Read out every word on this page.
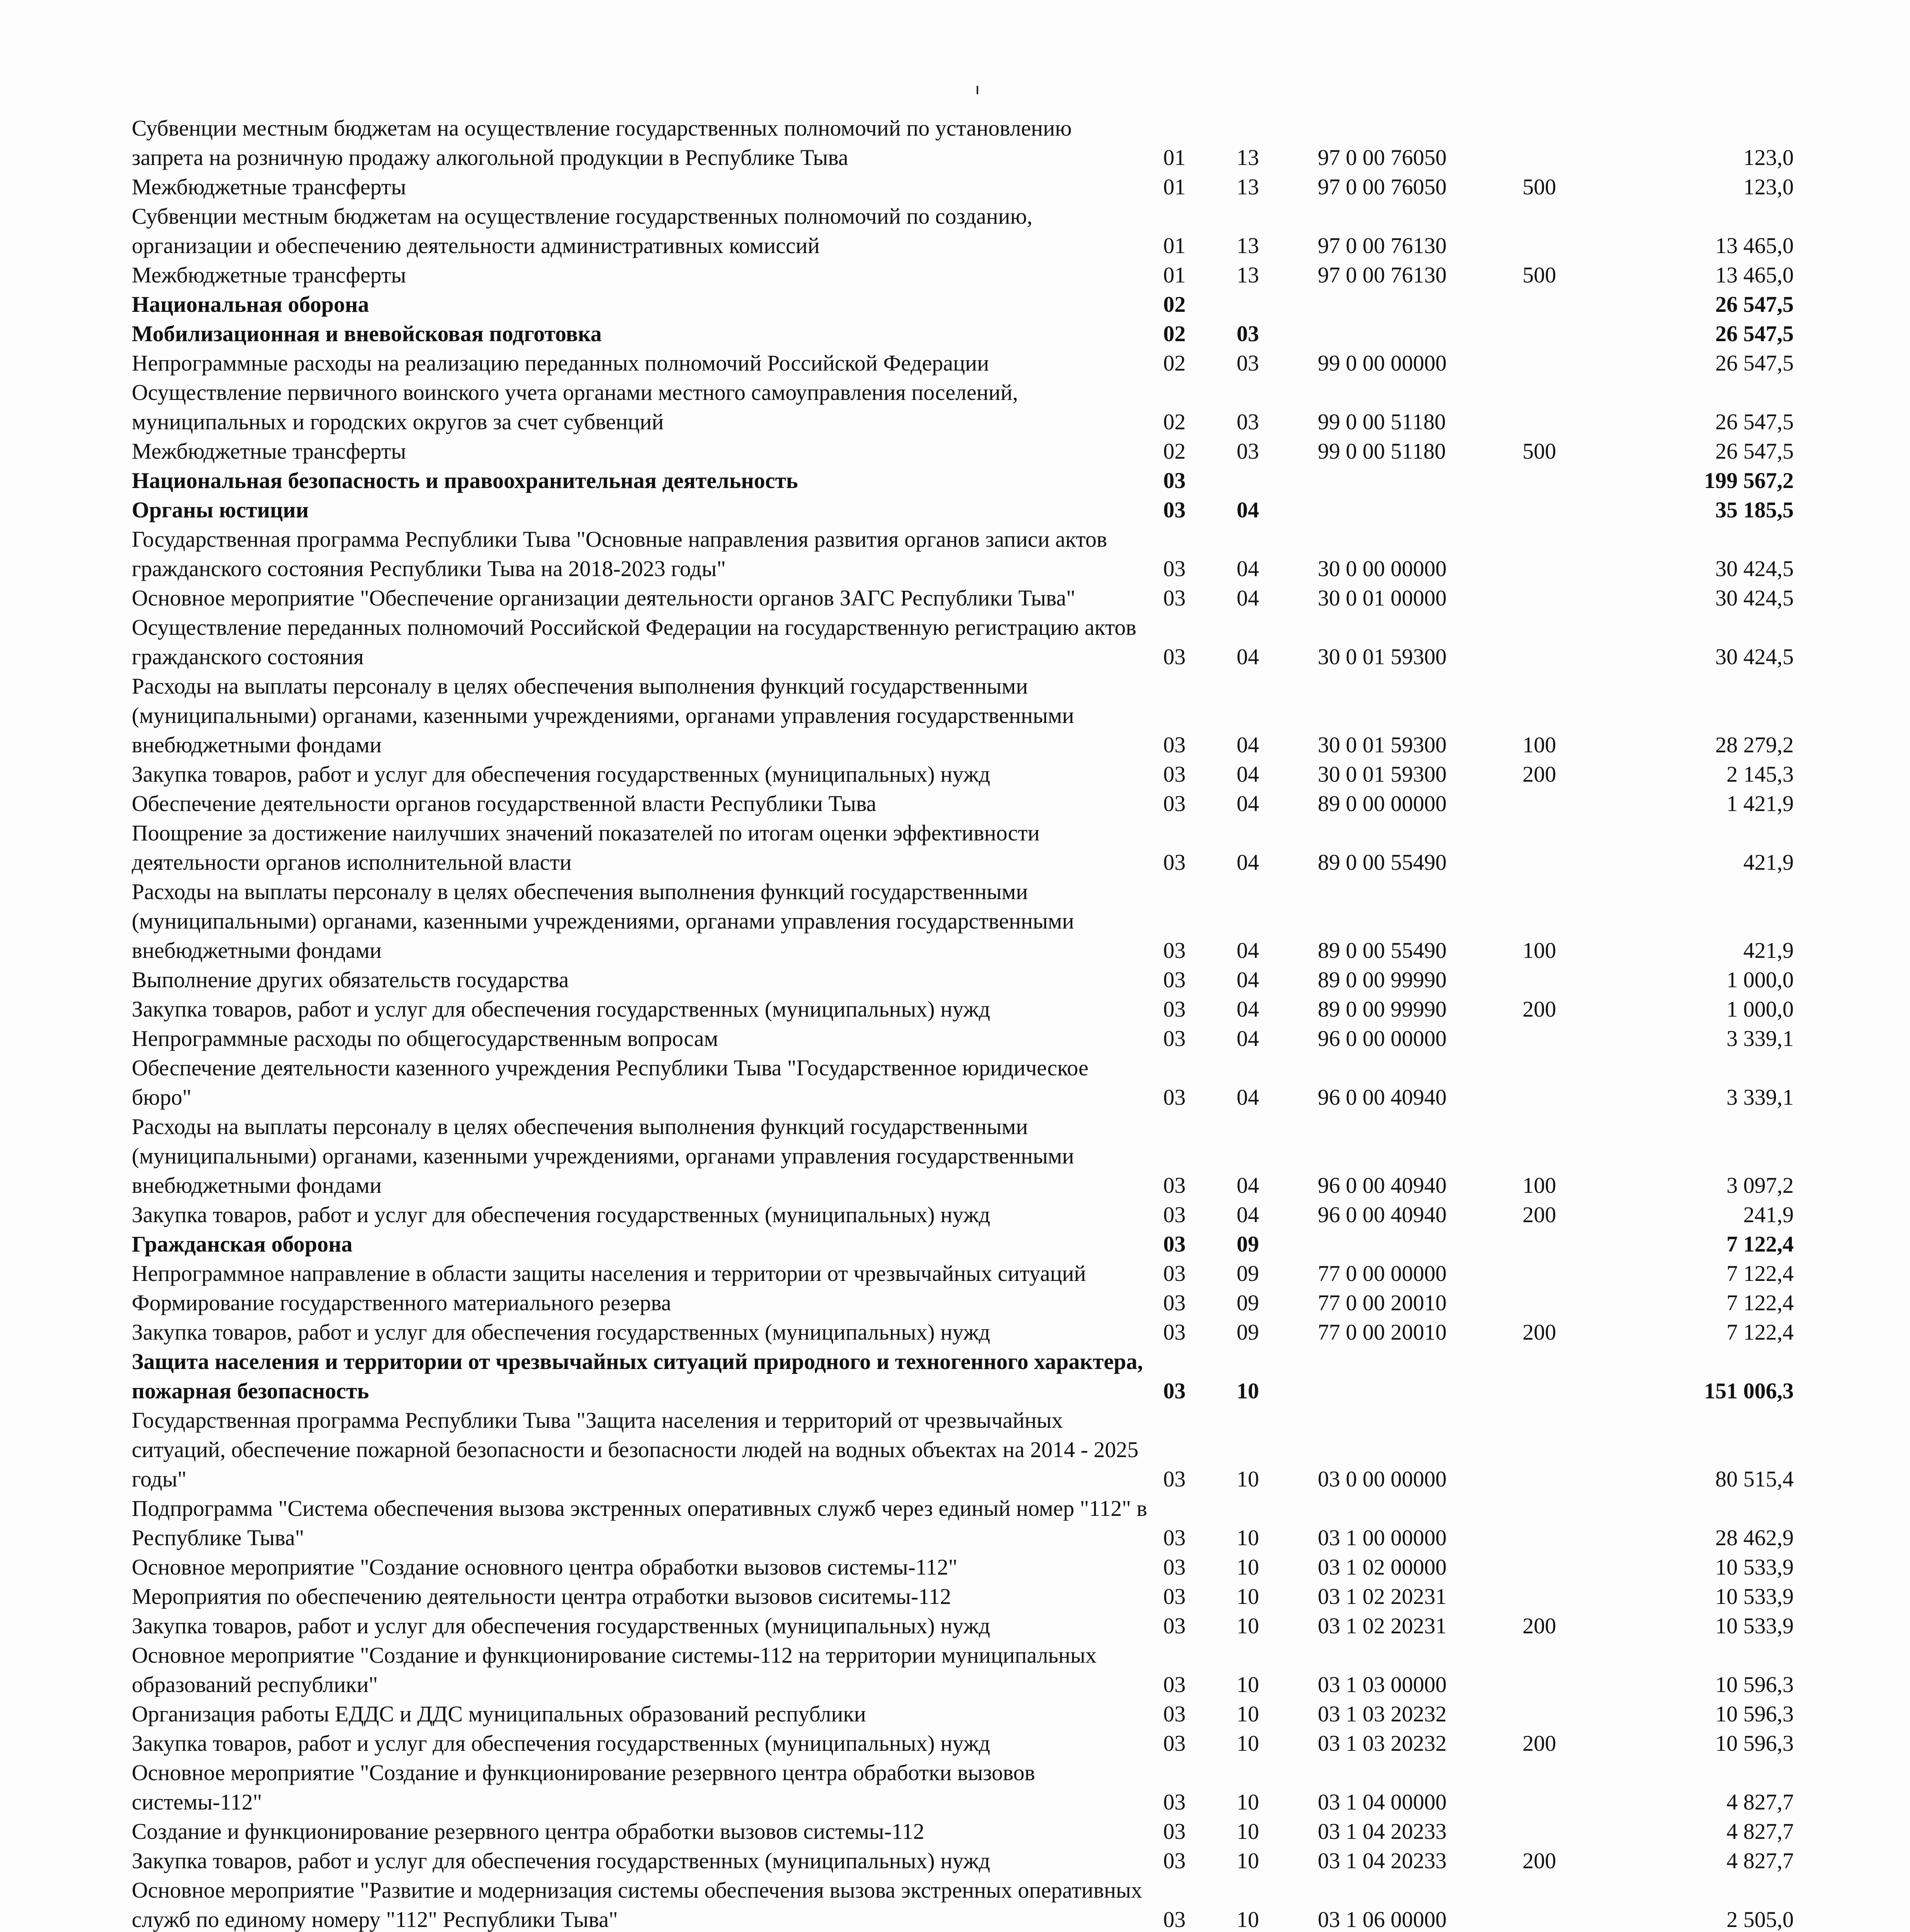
Субвенции местным бюджетам на осуществление государственных полномочий по установлению запрета на розничную продажу алкогольной продукции в Республике Тыва	01	13	97 0 00 76050		123,0
Межбюджетные трансферты	01	13	97 0 00 76050	500	123,0
Субвенции местным бюджетам на осуществление государственных полномочий по созданию, организации и обеспечению деятельности административных комиссий	01	13	97 0 00 76130		13 465,0
Межбюджетные трансферты	01	13	97 0 00 76130	500	13 465,0
Национальная оборона	02				26 547,5
Мобилизационная и вневойсковая подготовка	02	03			26 547,5
Непрограммные расходы на реализацию переданных полномочий Российской Федерации	02	03	99 0 00 00000		26 547,5
Осуществление первичного воинского учета органами местного самоуправления поселений, муниципальных и городских округов за счет субвенций	02	03	99 0 00 51180		26 547,5
Межбюджетные трансферты	02	03	99 0 00 51180	500	26 547,5
Национальная безопасность и правоохранительная деятельность	03				199 567,2
Органы юстиции	03	04			35 185,5
Государственная программа Республики Тыва "Основные направления развития органов записи актов гражданского состояния Республики Тыва на 2018-2023 годы"	03	04	30 0 00 00000		30 424,5
Основное мероприятие "Обеспечение организации деятельности органов ЗАГС Республики Тыва"	03	04	30 0 01 00000		30 424,5
Осуществление переданных полномочий Российской Федерации на государственную регистрацию актов гражданского состояния	03	04	30 0 01 59300		30 424,5
Расходы на выплаты персоналу в целях обеспечения выполнения функций государственными (муниципальными) органами, казенными учреждениями, органами управления государственными внебюджетными фондами	03	04	30 0 01 59300	100	28 279,2
Закупка товаров, работ и услуг для обеспечения государственных (муниципальных) нужд	03	04	30 0 01 59300	200	2 145,3
Обеспечение деятельности органов государственной власти Республики Тыва	03	04	89 0 00 00000		1 421,9
Поощрение за достижение наилучших значений показателей по итогам оценки эффективности деятельности органов исполнительной власти	03	04	89 0 00 55490		421,9
Расходы на выплаты персоналу в целях обеспечения выполнения функций государственными (муниципальными) органами, казенными учреждениями, органами управления государственными внебюджетными фондами	03	04	89 0 00 55490	100	421,9
Выполнение других обязательств государства	03	04	89 0 00 99990		1 000,0
Закупка товаров, работ и услуг для обеспечения государственных (муниципальных) нужд	03	04	89 0 00 99990	200	1 000,0
Непрограммные расходы по общегосударственным вопросам	03	04	96 0 00 00000		3 339,1
Обеспечение деятельности казенного учреждения Республики Тыва "Государственное юридическое бюро"	03	04	96 0 00 40940		3 339,1
Расходы на выплаты персоналу в целях обеспечения выполнения функций государственными (муниципальными) органами, казенными учреждениями, органами управления государственными внебюджетными фондами	03	04	96 0 00 40940	100	3 097,2
Закупка товаров, работ и услуг для обеспечения государственных (муниципальных) нужд	03	04	96 0 00 40940	200	241,9
Гражданская оборона	03	09			7 122,4
Непрограммное направление в области защиты населения и территории от чрезвычайных ситуаций	03	09	77 0 00 00000		7 122,4
Формирование государственного материального резерва	03	09	77 0 00 20010		7 122,4
Закупка товаров, работ и услуг для обеспечения государственных (муниципальных) нужд	03	09	77 0 00 20010	200	7 122,4
Защита населения и территории от чрезвычайных ситуаций природного и техногенного характера, пожарная безопасность	03	10			151 006,3
Государственная программа Республики Тыва "Защита населения и территорий от чрезвычайных ситуаций, обеспечение пожарной безопасности и безопасности людей на водных объектах на 2014 - 2025 годы"	03	10	03 0 00 00000		80 515,4
Подпрограмма "Система обеспечения вызова экстренных оперативных служб через единый номер "112" в Республике Тыва"	03	10	03 1 00 00000		28 462,9
Основное мероприятие "Создание основного центра обработки вызовов системы-112"	03	10	03 1 02 00000		10 533,9
Мероприятия по обеспечению деятельности центра отработки вызовов сиситемы-112	03	10	03 1 02 20231		10 533,9
Закупка товаров, работ и услуг для обеспечения государственных (муниципальных) нужд	03	10	03 1 02 20231	200	10 533,9
Основное мероприятие "Создание и функционирование системы-112 на территории муниципальных образований республики"	03	10	03 1 03 00000		10 596,3
Организация работы ЕДДС и ДДС муниципальных образований республики	03	10	03 1 03 20232		10 596,3
Закупка товаров, работ и услуг для обеспечения государственных (муниципальных) нужд	03	10	03 1 03 20232	200	10 596,3
Основное мероприятие "Создание и функционирование резервного центра обработки вызовов системы-112"	03	10	03 1 04 00000		4 827,7
Создание и функционирование резервного центра обработки вызовов системы-112	03	10	03 1 04 20233		4 827,7
Закупка товаров, работ и услуг для обеспечения государственных (муниципальных) нужд	03	10	03 1 04 20233	200	4 827,7
Основное мероприятие "Развитие и модернизация системы обеспечения вызова экстренных оперативных служб по единому номеру "112" Республики Тыва"	03	10	03 1 06 00000		2 505,0
